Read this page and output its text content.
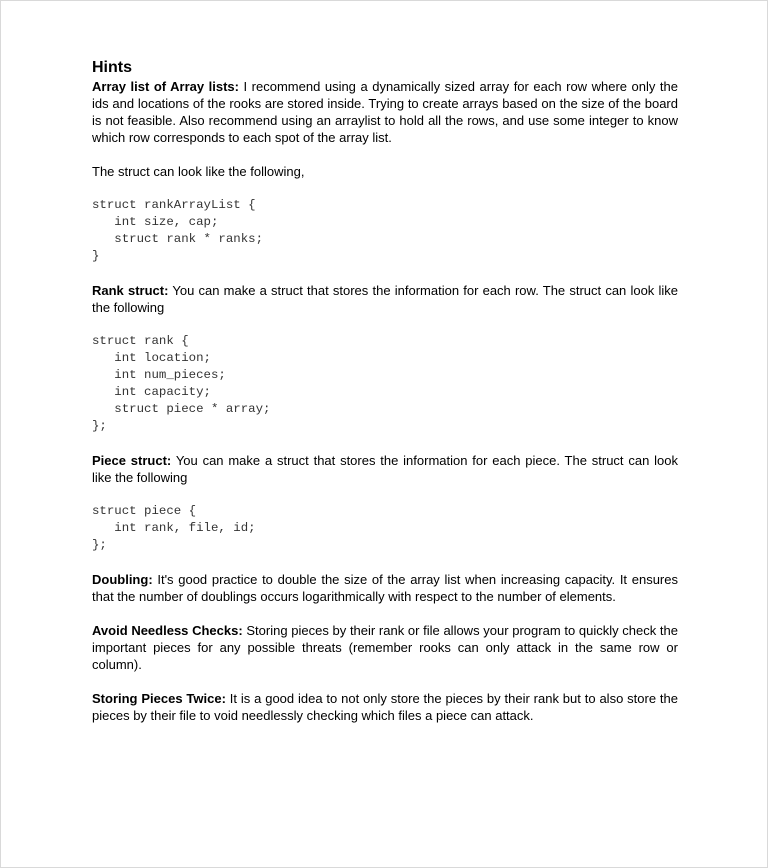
Hints

Array list of Array lists: I recommend using a dynamically sized array for each row where only the ids and locations of the rooks are stored inside. Trying to create arrays based on the size of the board is not feasible. Also recommend using an arraylist to hold all the rows, and use some integer to know which row corresponds to each spot of the array list.

The struct can look like the following,

struct rankArrayList {
int size, cap;
struct rank * ranks;
}

Rank struct: You can make a struct that stores the information for each row. The struct can look like the following

struct rank {
int location;
int num_pieces;
int capacity;
struct piece * array;
};

Piece struct: You can make a struct that stores the information for each piece. The struct can look like the following

struct piece {
int rank, file, id;
};

Doubling: It's good practice to double the size of the array list when increasing capacity. It ensures that the number of doublings occurs logarithmically with respect to the number of elements.

Avoid Needless Checks: Storing pieces by their rank or file allows your program to quickly check the important pieces for any possible threats (remember rooks can only attack in the same row or column).

Storing Pieces Twice: It is a good idea to not only store the pieces by their rank but to also store the pieces by their file to void needlessly checking which files a piece can attack.
